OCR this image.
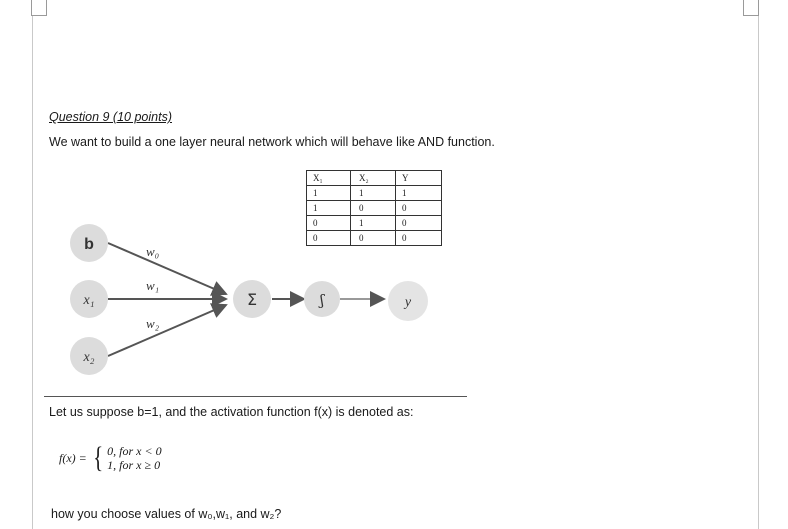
Question 9 (10 points)
We want to build a one layer neural network which will behave like AND function.
b
x₁
x₂
Σ	ʃ	y
w₀
w₁
w₂
X₁	X₂	Y
1	1	1
1	0	0
0	1	0
0	0	0
Let us suppose b=1, and the activation function f(x) is denoted as:
f(x) = { 0, for x < 0
1, for x ≥ 0
how you choose values of w₀,w₁, and w₂?
